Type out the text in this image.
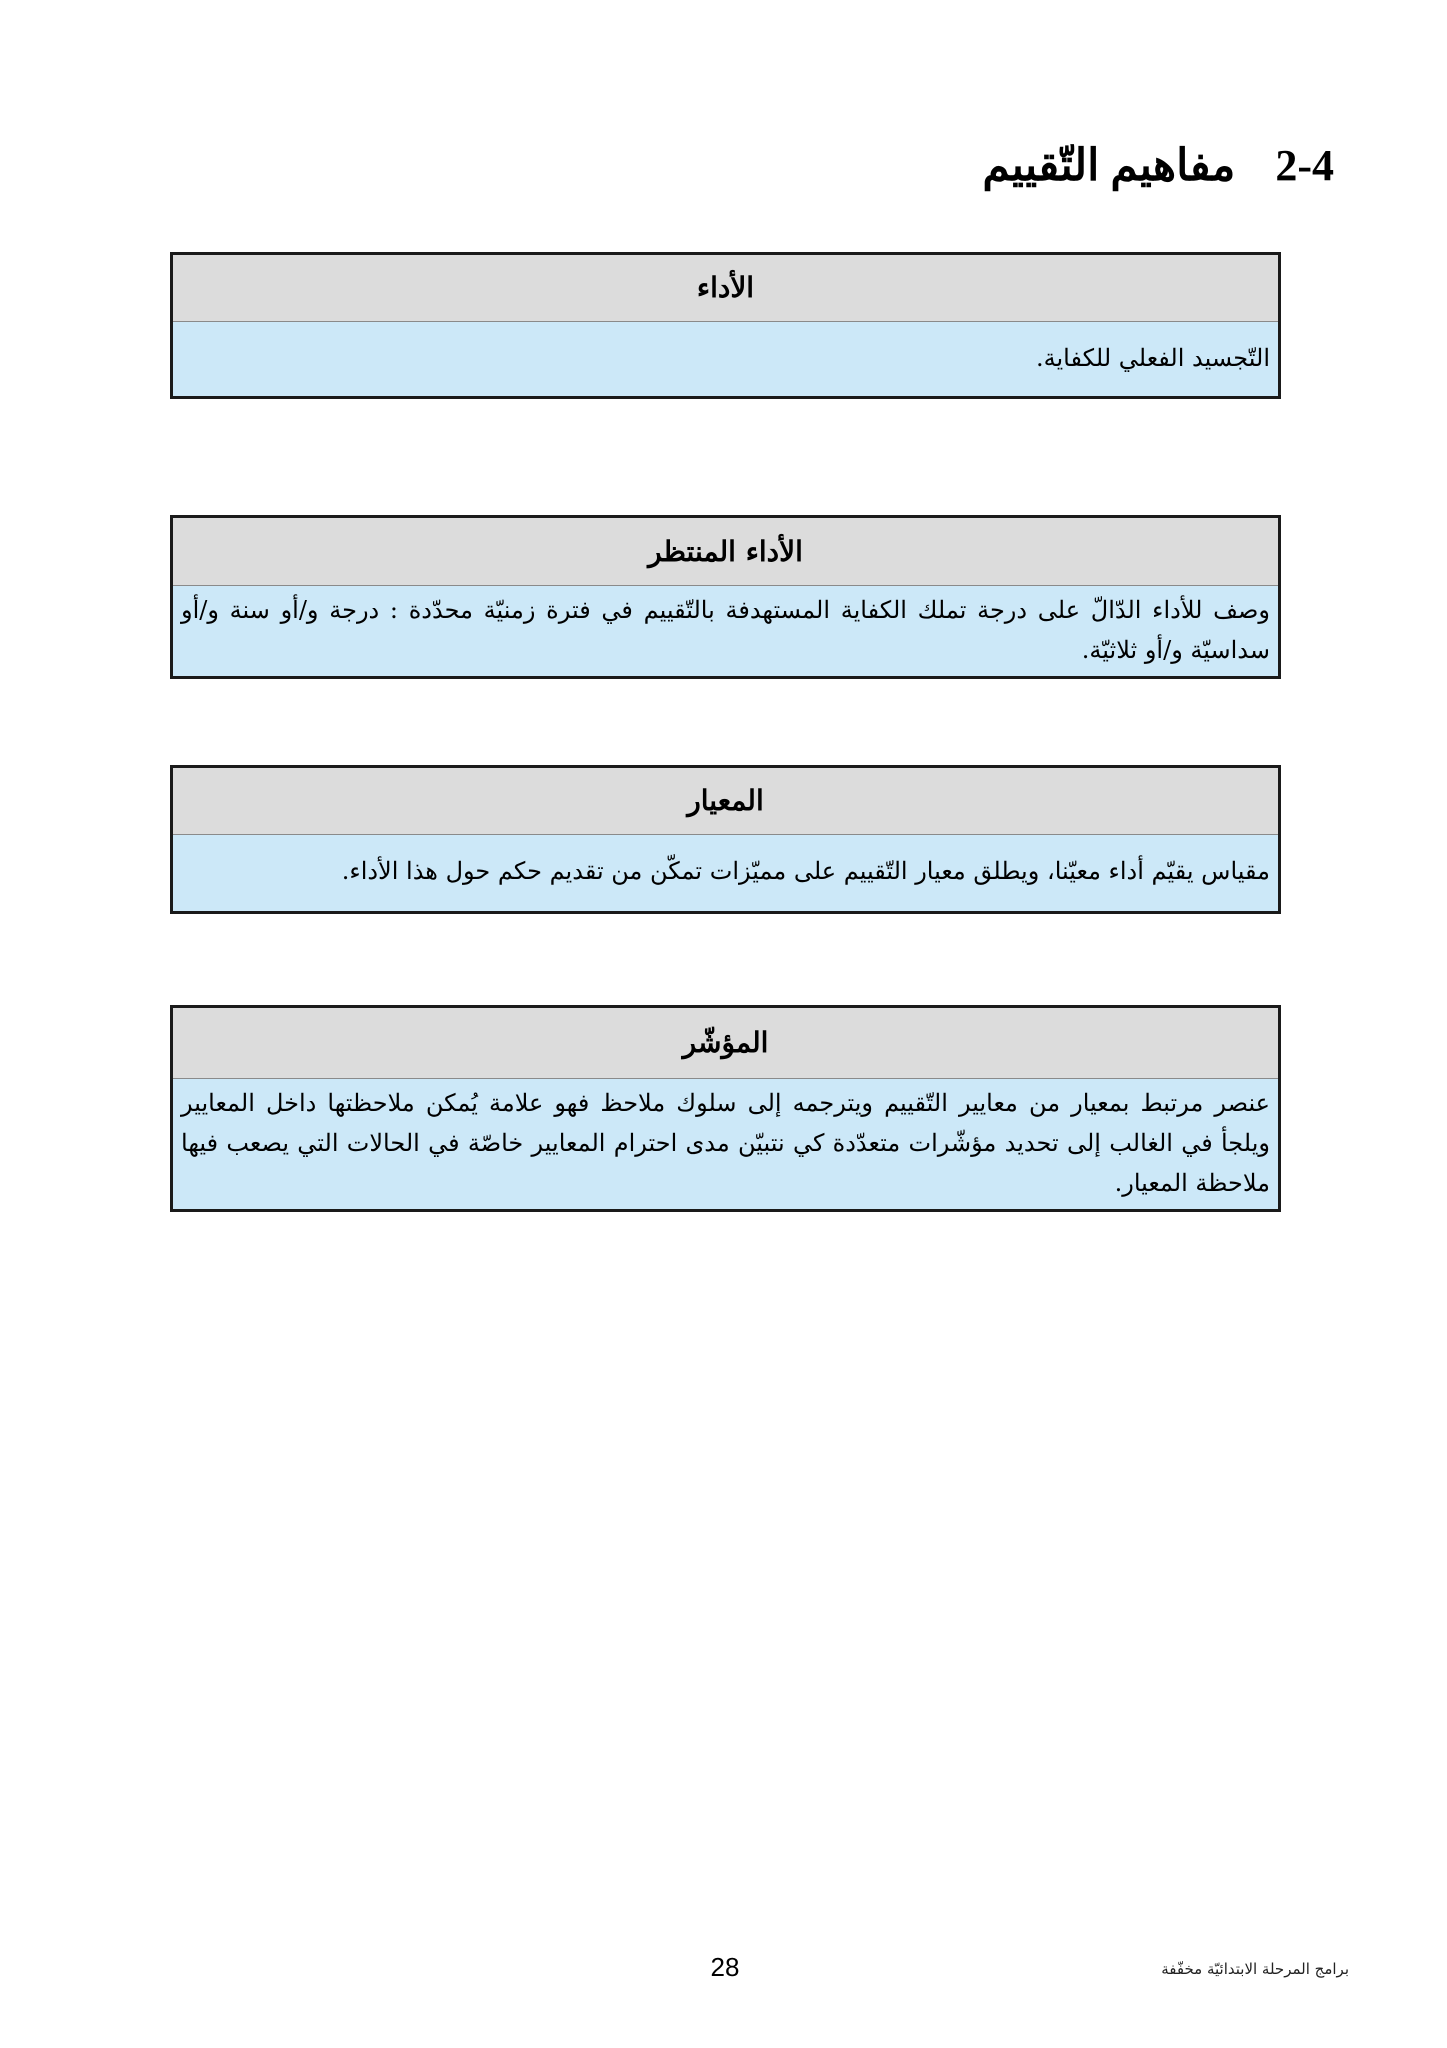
2-4مفاهيم التّقييم
الأداء
التّجسيد الفعلي للكفاية.
الأداء المنتظر
وصف للأداء الدّالّ على درجة تملك الكفاية المستهدفة بالتّقييم في فترة زمنيّة محدّدة : درجة و/أو سنة و/أو سداسيّة و/أو ثلاثيّة.
المعيار
مقياس يقيّم أداء معيّنا، ويطلق معيار التّقييم على مميّزات تمكّن من تقديم حكم حول هذا الأداء.
المؤشّر
عنصر مرتبط بمعيار من معايير التّقييم ويترجمه إلى سلوك ملاحظ فهو علامة يُمكن ملاحظتها داخل المعايير ويلجأ في الغالب إلى تحديد مؤشّرات متعدّدة كي نتبيّن مدى احترام المعايير خاصّة في الحالات التي يصعب فيها ملاحظة المعيار.
28	برامج المرحلة الابتدائيّة مخفّفة
